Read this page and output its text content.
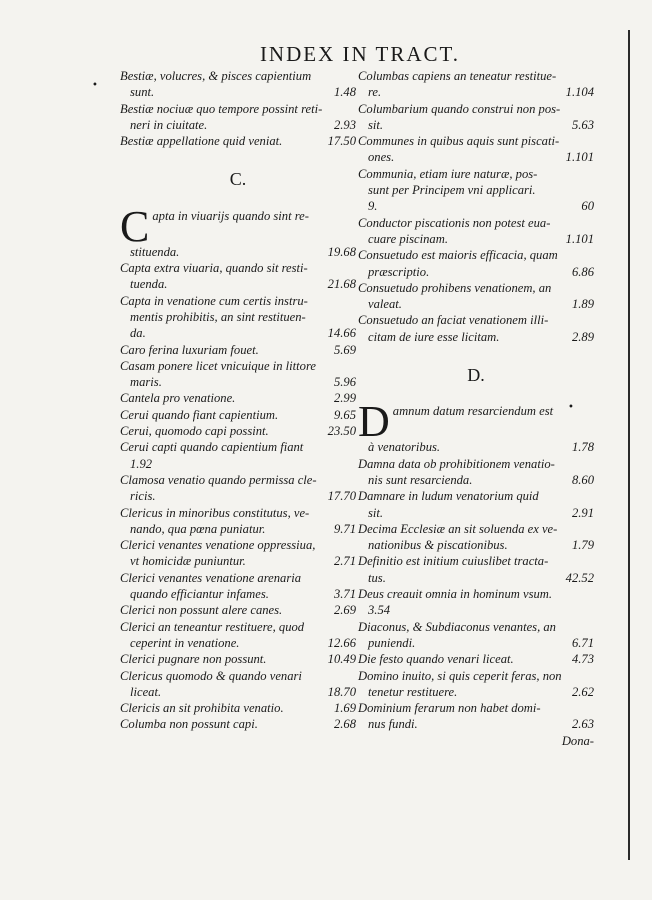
•
•
INDEX IN TRACT.
Bestiæ, volucres, & pisces capientium
sunt.	1.48
Bestiæ nociuæ quo tempore possint reti-
neri in ciuitate.	2.93
Bestiæ appellatione quid veniat.	17.50
C.
C apta in viuarijs quando sint re-
stituenda.	19.68
Capta extra viuaria, quando sit resti-
tuenda.	21.68
Capta in venatione cum certis instru-
mentis prohibitis, an sint restituen-
da.	14.66
Caro ferina luxuriam fouet.	5.69
Casam ponere licet vnicuique in littore
maris.	5.96
Cantela pro venatione.	2.99
Cerui quando fiant capientium.	9.65
Cerui, quomodo capi possint.	23.50
Cerui capti quando capientium fiant
1.92
Clamosa venatio quando permissa cle-
ricis.	17.70
Clericus in minoribus constitutus, ve-
nando, qua pœna puniatur.	9.71
Clerici venantes venatione oppressiua,
vt homicidæ puniuntur.	2.71
Clerici venantes venatione arenaria
quando efficiantur infames.	3.71
Clerici non possunt alere canes.	2.69
Clerici an teneantur restituere, quod
ceperint in venatione.	12.66
Clerici pugnare non possunt.	10.49
Clericus quomodo & quando venari
liceat.	18.70
Clericis an sit prohibita venatio.	1.69
Columba non possunt capi.	2.68
Columbas capiens an teneatur restitue-
re.	1.104
Columbarium quando construi non pos-
sit.	5.63
Communes in quibus aquis sunt piscati-
ones.	1.101
Communia, etiam iure naturæ, pos-
sunt per Principem vni applicari.
9.	60
Conductor piscationis non potest eua-
cuare piscinam.	1.101
Consuetudo est maioris efficacia, quam
præscriptio.	6.86
Consuetudo prohibens venationem, an
valeat.	1.89
Consuetudo an faciat venationem illi-
citam de iure esse licitam.	2.89
D.
D amnum datum resarciendum est
à venatoribus.	1.78
Damna data ob prohibitionem venatio-
nis sunt resarcienda.	8.60
Damnare in ludum venatorium quid
sit.	2.91
Decima Ecclesiæ an sit soluenda ex ve-
nationibus & piscationibus.	1.79
Definitio est initium cuiuslibet tracta-
tus.	42.52
Deus creauit omnia in hominum vsum.
3.54
Diaconus, & Subdiaconus venantes, an
puniendi.	6.71
Die festo quando venari liceat.	4.73
Domino inuito, si quis ceperit feras, non
tenetur restituere.	2.62
Dominium ferarum non habet domi-
nus fundi.	2.63
Dona-
